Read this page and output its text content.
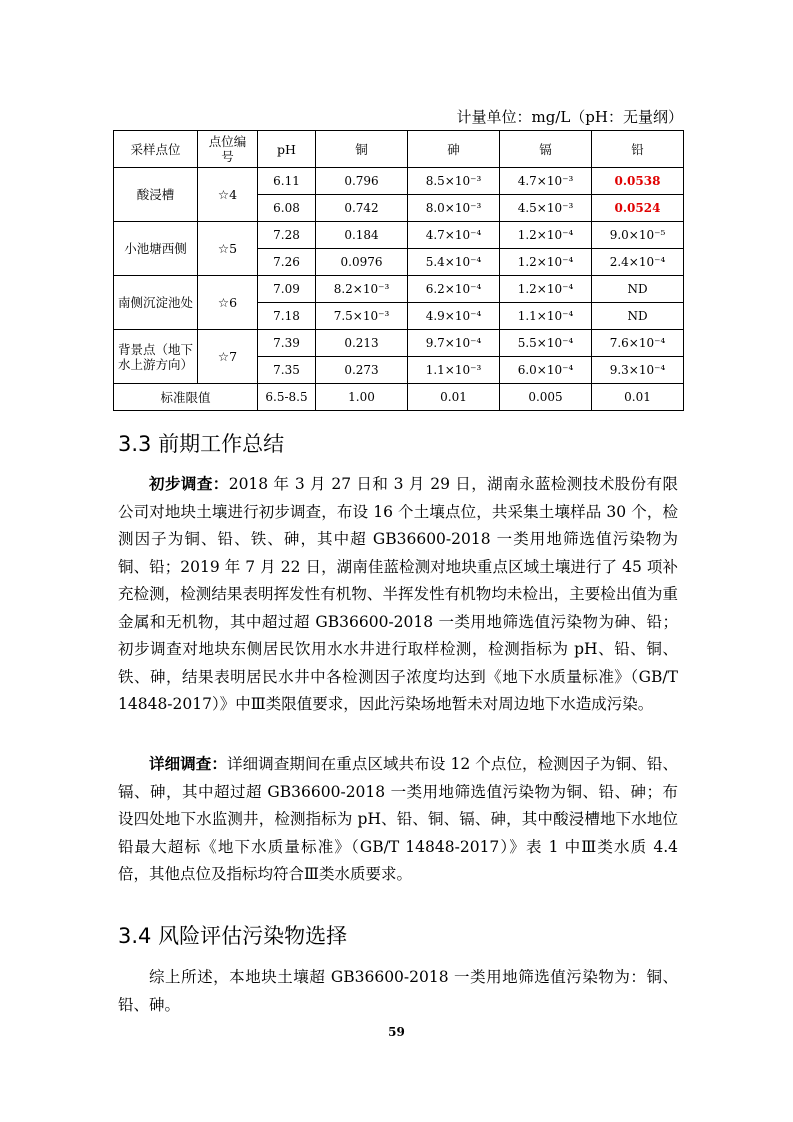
计量单位：mg/L（pH：无量纲）
采样点位	点位编号	pH	铜	砷	镉	铅
酸浸槽	☆4	6.11	0.796	8.5×10⁻³	4.7×10⁻³	0.0538
		6.08	0.742	8.0×10⁻³	4.5×10⁻³	0.0524
小池塘西侧	☆5	7.28	0.184	4.7×10⁻⁴	1.2×10⁻⁴	9.0×10⁻⁵
		7.26	0.0976	5.4×10⁻⁴	1.2×10⁻⁴	2.4×10⁻⁴
南侧沉淀池处	☆6	7.09	8.2×10⁻³	6.2×10⁻⁴	1.2×10⁻⁴	ND
		7.18	7.5×10⁻³	4.9×10⁻⁴	1.1×10⁻⁴	ND
背景点（地下水上游方向）	☆7	7.39	0.213	9.7×10⁻⁴	5.5×10⁻⁴	7.6×10⁻⁴
		7.35	0.273	1.1×10⁻³	6.0×10⁻⁴	9.3×10⁻⁴
标准限值		6.5-8.5	1.00	0.01	0.005	0.01
3.3 前期工作总结
初步调查：2018 年 3 月 27 日和 3 月 29 日，湖南永蓝检测技术股份有限公司对地块土壤进行初步调查，布设 16 个土壤点位，共采集土壤样品 30 个，检测因子为铜、铅、铁、砷，其中超 GB36600-2018 一类用地筛选值污染物为铜、铅；2019 年 7 月 22 日，湖南佳蓝检测对地块重点区域土壤进行了 45 项补充检测，检测结果表明挥发性有机物、半挥发性有机物均未检出，主要检出值为重金属和无机物，其中超过超 GB36600-2018 一类用地筛选值污染物为砷、铅；初步调查对地块东侧居民饮用水水井进行取样检测，检测指标为 pH、铅、铜、铁、砷，结果表明居民水井中各检测因子浓度均达到《地下水质量标准》（GB/T 14848-2017）》中Ⅲ类限值要求，因此污染场地暂未对周边地下水造成污染。
详细调查：详细调查期间在重点区域共布设 12 个点位，检测因子为铜、铅、镉、砷，其中超过超 GB36600-2018 一类用地筛选值污染物为铜、铅、砷；布设四处地下水监测井，检测指标为 pH、铅、铜、镉、砷，其中酸浸槽地下水地位铅最大超标《地下水质量标准》（GB/T 14848-2017）》表 1 中Ⅲ类水质 4.4 倍，其他点位及指标均符合Ⅲ类水质要求。
3.4 风险评估污染物选择
综上所述，本地块土壤超 GB36600-2018 一类用地筛选值污染物为：铜、铅、砷。
59
